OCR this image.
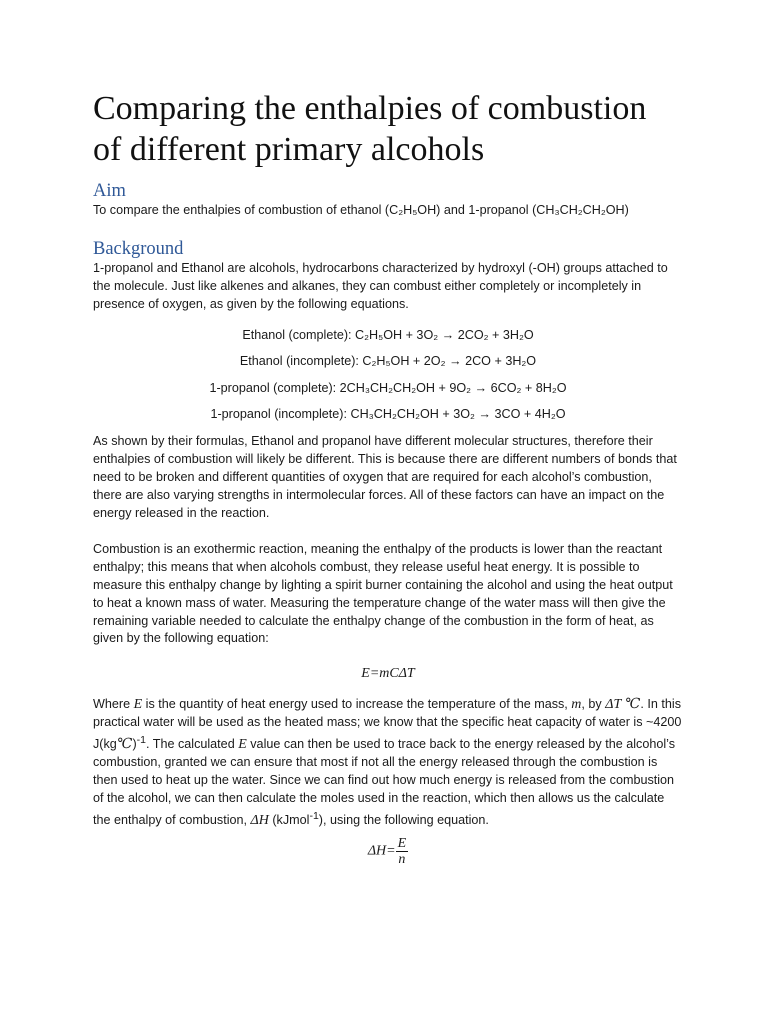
Comparing the enthalpies of combustion of different primary alcohols
Aim

To compare the enthalpies of combustion of ethanol (C₂H₅OH) and 1-propanol (CH₃CH₂CH₂OH)

Background

1-propanol and Ethanol are alcohols, hydrocarbons characterized by hydroxyl (-OH) groups attached to the molecule. Just like alkenes and alkanes, they can combust either completely or incompletely in presence of oxygen, as given by the following equations.

Ethanol (complete): C₂H₅OH + 3O₂ → 2CO₂ + 3H₂O
Ethanol (incomplete): C₂H₅OH + 2O₂ → 2CO + 3H₂O
1-propanol (complete): 2CH₃CH₂CH₂OH + 9O₂ → 6CO₂ + 8H₂O
1-propanol (incomplete): CH₃CH₂CH₂OH + 3O₂ → 3CO + 4H₂O

As shown by their formulas, Ethanol and propanol have different molecular structures, therefore their enthalpies of combustion will likely be different. This is because there are different numbers of bonds that need to be broken and different quantities of oxygen that are required for each alcohol’s combustion, there are also varying strengths in intermolecular forces. All of these factors can have an impact on the energy released in the reaction.

Combustion is an exothermic reaction, meaning the enthalpy of the products is lower than the reactant enthalpy; this means that when alcohols combust, they release useful heat energy. It is possible to measure this enthalpy change by lighting a spirit burner containing the alcohol and using the heat output to heat a known mass of water. Measuring the temperature change of the water mass will then give the remaining variable needed to calculate the enthalpy change of the combustion in the form of heat, as given by the following equation:

E=mCΔT

Where E is the quantity of heat energy used to increase the temperature of the mass, m, by ΔT ℃. In this practical water will be used as the heated mass; we know that the specific heat capacity of water is ~4200 J(kg℃)$^{-1}$. The calculated E value can then be used to trace back to the energy released by the alcohol’s combustion, granted we can ensure that most if not all the energy released through the combustion is then used to heat up the water. Since we can find out how much energy is released from the combustion of the alcohol, we can then calculate the moles used in the reaction, which then allows us the calculate the enthalpy of combustion, ΔH (kJmol$^{-1}$), using the following equation.

$\Delta H= \frac{E}{n}$
